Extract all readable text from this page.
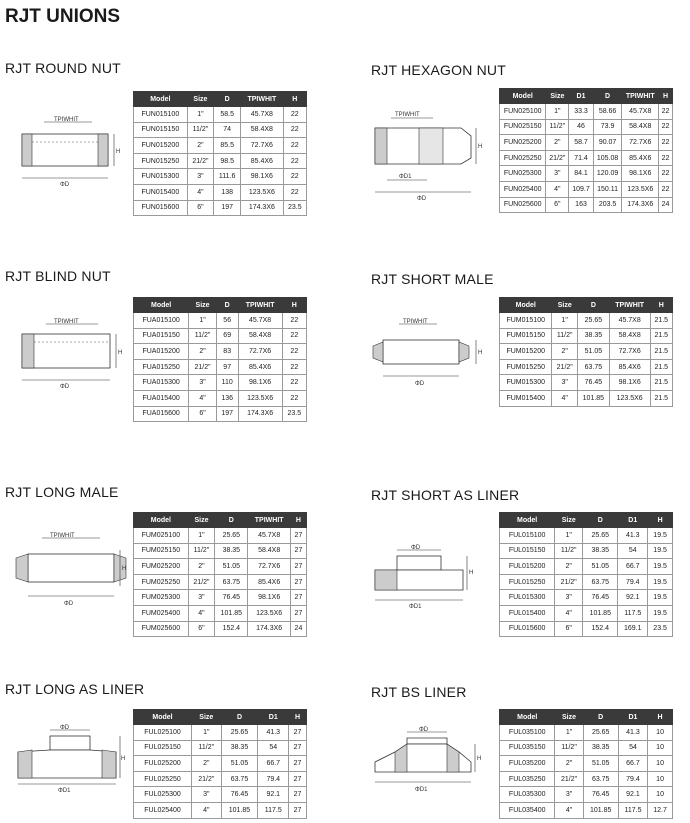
RJT UNIONS
RJT ROUND NUT
TPIWHIT
H
ΦD
Model	Size	D	TPIWHIT	H
FUN015100	1"	58.5	45.7X8	22
FUN015150	11/2"	74	58.4X8	22
FUN015200	2"	85.5	72.7X6	22
FUN015250	21/2"	98.5	85.4X6	22
FUN015300	3"	111.6	98.1X6	22
FUN015400	4"	138	123.5X6	22
FUN015600	6"	197	174.3X6	23.5
RJT HEXAGON NUT
TPIWHIT
H
ΦD1
ΦD
Model	Size	D1	D	TPIWHIT	H
FUN025100	1"	33.3	58.66	45.7X8	22
FUN025150	11/2"	46	73.9	58.4X8	22
FUN025200	2"	58.7	90.07	72.7X6	22
FUN025250	21/2"	71.4	105.08	85.4X6	22
FUN025300	3"	84.1	120.09	98.1X6	22
FUN025400	4"	109.7	150.11	123.5X6	22
FUN025600	6"	163	203.5	174.3X6	24
RJT BLIND NUT
TPIWHIT
H
ΦD
Model	Size	D	TPIWHIT	H
FUA015100	1"	56	45.7X8	22
FUA015150	11/2"	69	58.4X8	22
FUA015200	2"	83	72.7X6	22
FUA015250	21/2"	97	85.4X6	22
FUA015300	3"	110	98.1X6	22
FUA015400	4"	136	123.5X6	22
FUA015600	6"	197	174.3X6	23.5
RJT SHORT MALE
TPIWHIT
H
ΦD
Model	Size	D	TPIWHIT	H
FUM015100	1"	25.65	45.7X8	21.5
FUM015150	11/2"	38.35	58.4X8	21.5
FUM015200	2"	51.05	72.7X6	21.5
FUM015250	21/2"	63.75	85.4X6	21.5
FUM015300	3"	76.45	98.1X6	21.5
FUM015400	4"	101.85	123.5X6	21.5
RJT LONG MALE
TPIWHIT
H
ΦD
Model	Size	D	TPIWHIT	H
FUM025100	1"	25.65	45.7X8	27
FUM025150	11/2"	38.35	58.4X8	27
FUM025200	2"	51.05	72.7X6	27
FUM025250	21/2"	63.75	85.4X6	27
FUM025300	3"	76.45	98.1X6	27
FUM025400	4"	101.85	123.5X6	27
FUM025600	6"	152.4	174.3X6	24
RJT SHORT AS LINER
ΦD
H
ΦD1
Model	Size	D	D1	H
FUL015100	1"	25.65	41.3	19.5
FUL015150	11/2"	38.35	54	19.5
FUL015200	2"	51.05	66.7	19.5
FUL015250	21/2"	63.75	79.4	19.5
FUL015300	3"	76.45	92.1	19.5
FUL015400	4"	101.85	117.5	19.5
FUL015600	6"	152.4	169.1	23.5
RJT LONG AS LINER
ΦD
H
ΦD1
Model	Size	D	D1	H
FUL025100	1"	25.65	41.3	27
FUL025150	11/2"	38.35	54	27
FUL025200	2"	51.05	66.7	27
FUL025250	21/2"	63.75	79.4	27
FUL025300	3"	76.45	92.1	27
FUL025400	4"	101.85	117.5	27
RJT BS LINER
ΦD
H
ΦD1
Model	Size	D	D1	H
FUL035100	1"	25.65	41.3	10
FUL035150	11/2"	38.35	54	10
FUL035200	2"	51.05	66.7	10
FUL035250	21/2"	63.75	79.4	10
FUL035300	3"	76.45	92.1	10
FUL035400	4"	101.85	117.5	12.7
